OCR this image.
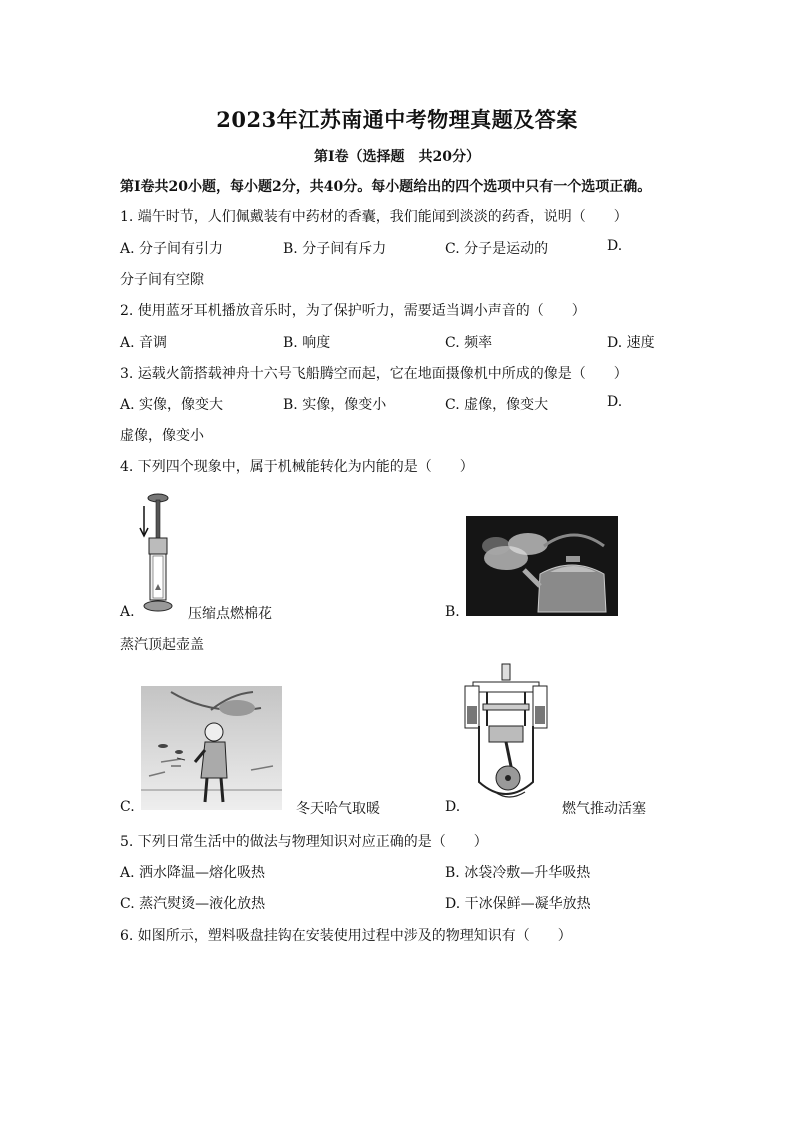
2023年江苏南通中考物理真题及答案
第Ⅰ卷（选择题　共20分）
第Ⅰ卷共20小题，每小题2分，共40分。每小题给出的四个选项中只有一个选项正确。
1. 端午时节，人们佩戴装有中药材的香囊，我们能闻到淡淡的药香，说明（　　）
A. 分子间有引力	B. 分子间有斥力	C. 分子是运动的	D.
分子间有空隙
2. 使用蓝牙耳机播放音乐时，为了保护听力，需要适当调小声音的（　　）
A. 音调	B. 响度	C. 频率	D. 速度
3. 运载火箭搭载神舟十六号飞船腾空而起，它在地面摄像机中所成的像是（　　）
A. 实像，像变大	B. 实像，像变小	C. 虚像，像变大	D.
虚像，像变小
4. 下列四个现象中，属于机械能转化为内能的是（　　）
A.	压缩点燃棉花	B.
蒸汽顶起壶盖
C.	冬天哈气取暖	D.	燃气推动活塞
5. 下列日常生活中的做法与物理知识对应正确的是（　　）
A. 洒水降温—熔化吸热	B. 冰袋冷敷—升华吸热
C. 蒸汽熨烫—液化放热	D. 干冰保鲜—凝华放热
6. 如图所示，塑料吸盘挂钩在安装使用过程中涉及的物理知识有（　　）
